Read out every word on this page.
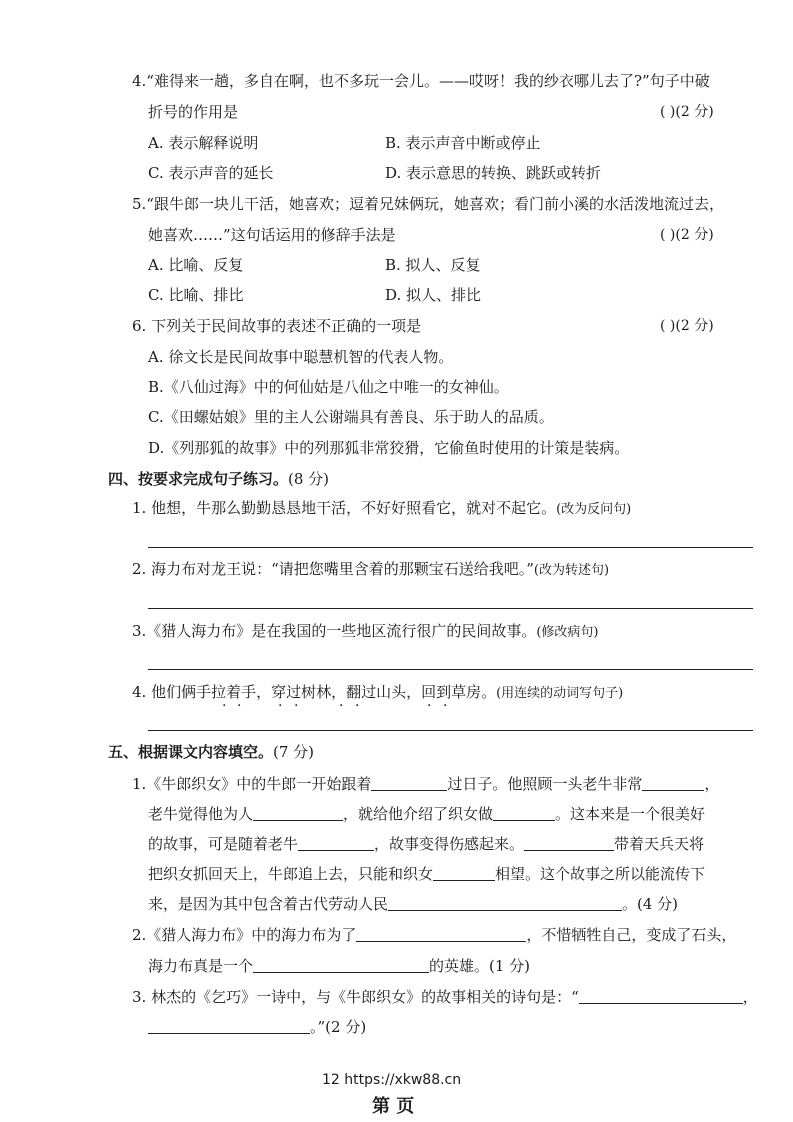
4.“难得来一趟，多自在啊，也不多玩一会儿。——哎呀！我的纱衣哪儿去了?”句子中破
折号的作用是	( )(2 分)
A. 表示解释说明	B. 表示声音中断或停止
C. 表示声音的延长	D. 表示意思的转换、跳跃或转折
5.“跟牛郎一块儿干活，她喜欢；逗着兄妹俩玩，她喜欢；看门前小溪的水活泼地流过去，
她喜欢……”这句话运用的修辞手法是	( )(2 分)
A. 比喻、反复	B. 拟人、反复
C. 比喻、排比	D. 拟人、排比
6. 下列关于民间故事的表述不正确的一项是	( )(2 分)
A. 徐文长是民间故事中聪慧机智的代表人物。
B.《八仙过海》中的何仙姑是八仙之中唯一的女神仙。
C.《田螺姑娘》里的主人公谢端具有善良、乐于助人的品质。
D.《列那狐的故事》中的列那狐非常狡猾，它偷鱼时使用的计策是装病。
四、按要求完成句子练习。(8 分)
1. 他想，牛那么勤勤恳恳地干活，不好好照看它，就对不起它。(改为反问句)
2. 海力布对龙王说：“请把您嘴里含着的那颗宝石送给我吧。”(改为转述句)
3.《猎人海力布》是在我国的一些地区流行很广的民间故事。(修改病句)
4. 他们俩手拉着手，穿过树林，翻过山头，回到草房。(用连续的动词写句子)
· ·	· ·	· ·	· ·
五、根据课文内容填空。(7 分)
1.《牛郎织女》中的牛郎一开始跟着	过日子。他照顾一头老牛非常	，
老牛觉得他为人	，就给他介绍了织女做	。这本来是一个很美好
的故事，可是随着老牛	，故事变得伤感起来。	带着天兵天将
把织女抓回天上，牛郎追上去，只能和织女	相望。这个故事之所以能流传下
来，是因为其中包含着古代劳动人民	。(4 分)
2.《猎人海力布》中的海力布为了	，不惜牺牲自己，变成了石头，
海力布真是一个	的英雄。(1 分)
3. 林杰的《乞巧》一诗中，与《牛郎织女》的故事相关的诗句是：“	，
。”(2 分)
12 https://xkw88.cn
第 页
